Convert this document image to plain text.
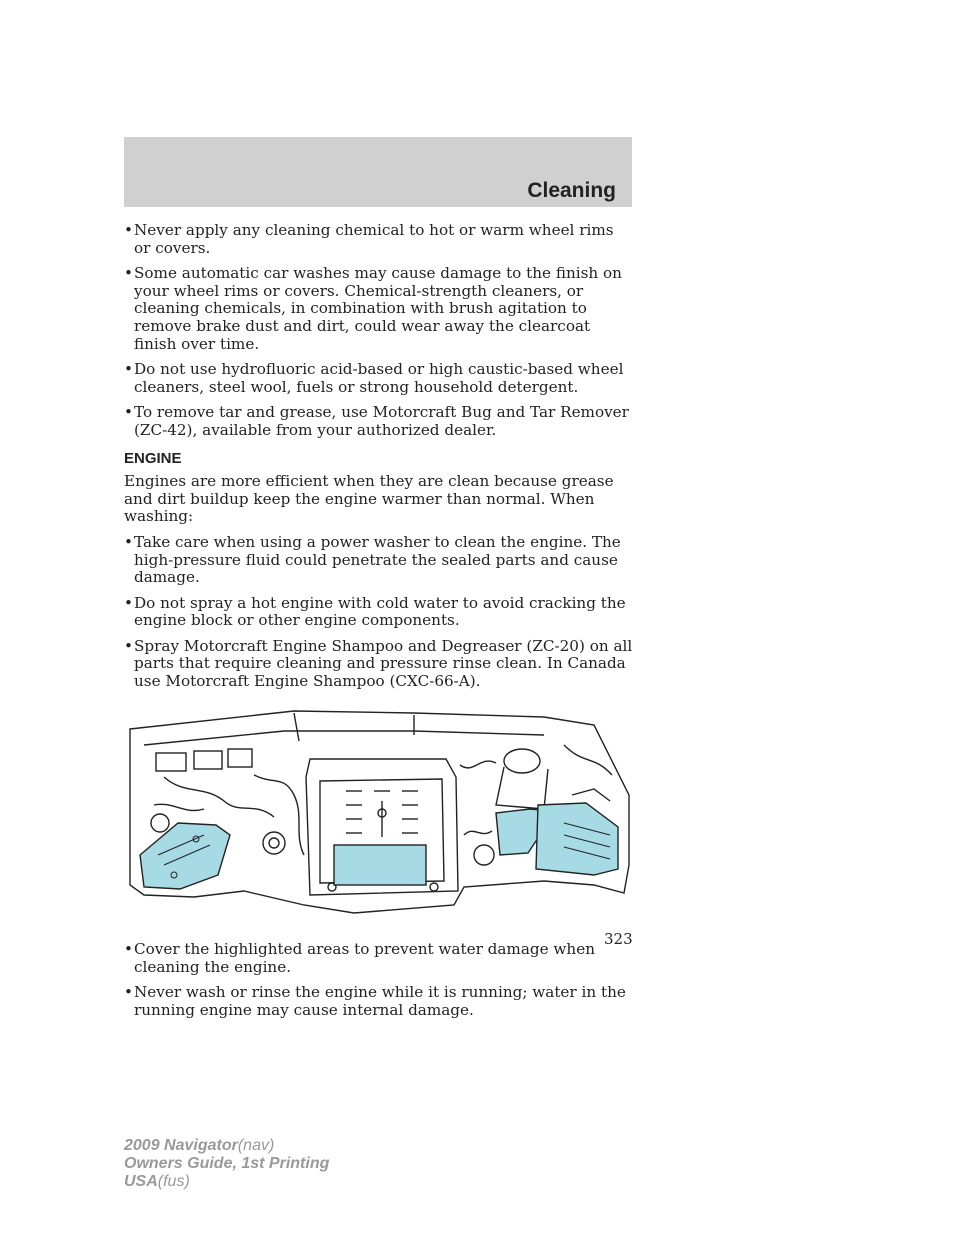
Cleaning
• Never apply any cleaning chemical to hot or warm wheel rims or covers.
• Some automatic car washes may cause damage to the finish on your wheel rims or covers. Chemical-strength cleaners, or cleaning chemicals, in combination with brush agitation to remove brake dust and dirt, could wear away the clearcoat finish over time.
• Do not use hydrofluoric acid-based or high caustic-based wheel cleaners, steel wool, fuels or strong household detergent.
• To remove tar and grease, use Motorcraft Bug and Tar Remover (ZC-42), available from your authorized dealer.
ENGINE
Engines are more efficient when they are clean because grease and dirt buildup keep the engine warmer than normal. When washing:
• Take care when using a power washer to clean the engine. The high-pressure fluid could penetrate the sealed parts and cause damage.
• Do not spray a hot engine with cold water to avoid cracking the engine block or other engine components.
• Spray Motorcraft Engine Shampoo and Degreaser (ZC-20) on all parts that require cleaning and pressure rinse clean. In Canada use Motorcraft Engine Shampoo (CXC-66-A).
• Cover the highlighted areas to prevent water damage when cleaning the engine.
• Never wash or rinse the engine while it is running; water in the running engine may cause internal damage.
323
2009 Navigator(nav)
Owners Guide, 1st Printing
USA(fus)
